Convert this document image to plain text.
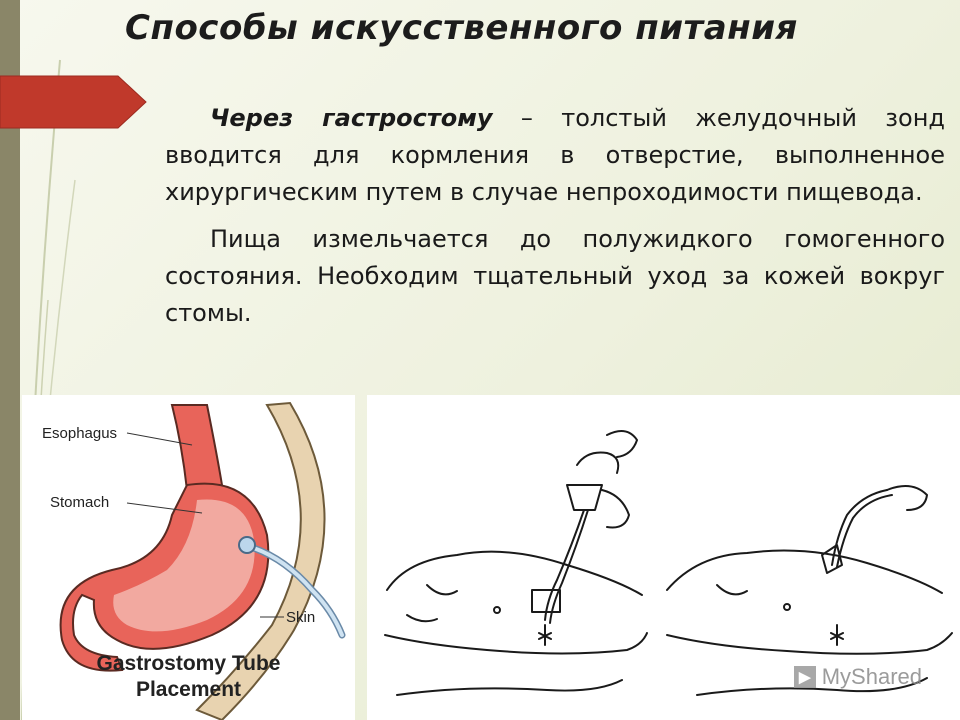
Способы искусственного питания

Через гастростому – толстый желудочный зонд вводится для кормления в отверстие, выполненное хирургическим путем в случае непроходимости пищевода.

Пища измельчается до полужидкого гомогенного состояния. Необходим тщательный уход за кожей вокруг стомы.

Esophagus
Stomach
Skin
Gastrostomy Tube
Placement
▶ MyShared
